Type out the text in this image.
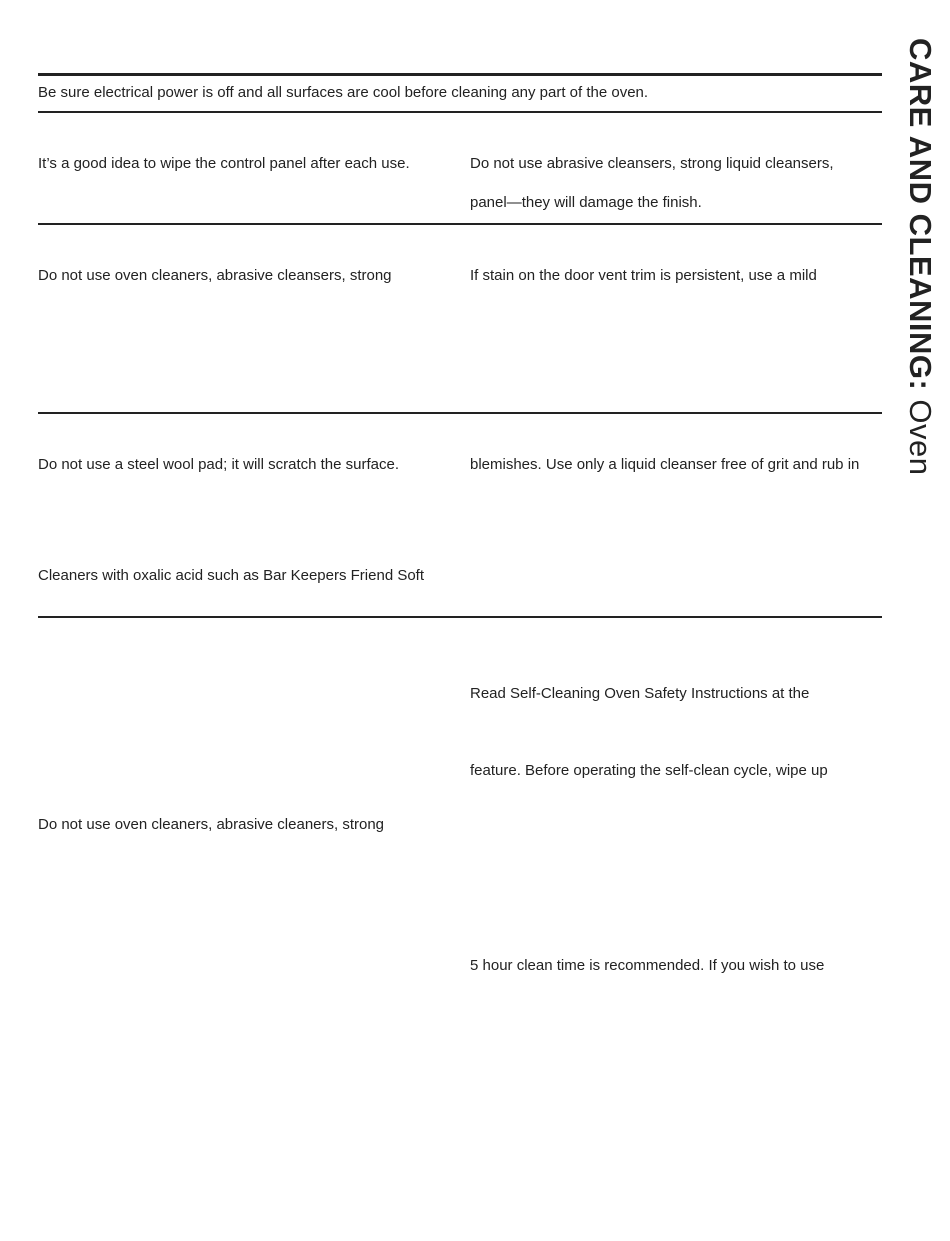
CARE AND CLEANING: Oven
Be sure electrical power is off and all surfaces are cool before cleaning any part of the oven.
It’s a good idea to wipe the control panel after each use.	Do not use abrasive cleansers, strong liquid cleansers,
panel—they will damage the finish.
Do not use oven cleaners, abrasive cleansers, strong	If stain on the door vent trim is persistent, use a mild
Do not use a steel wool pad; it will scratch the surface.	blemishes. Use only a liquid cleanser free of grit and rub in
Cleaners with oxalic acid such as Bar Keepers Friend Soft
Read Self-Cleaning Oven Safety Instructions at the
feature. Before operating the self-clean cycle, wipe up
Do not use oven cleaners, abrasive cleaners, strong
5 hour clean time is recommended. If you wish to use
